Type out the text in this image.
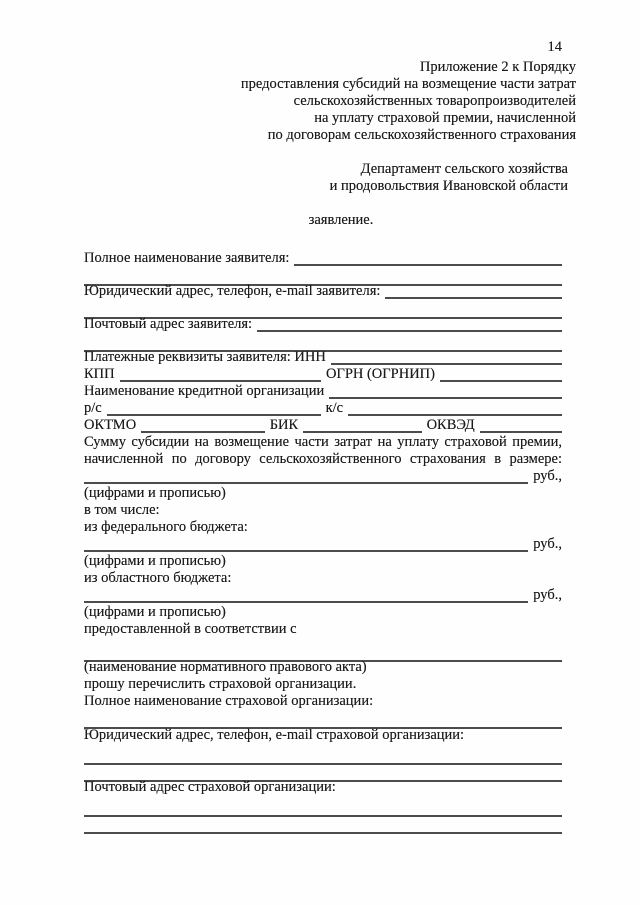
14
Приложение 2 к Порядку
предоставления субсидий на возмещение части затрат
сельскохозяйственных товаропроизводителей
на уплату страховой премии, начисленной
по договорам сельскохозяйственного страхования
Департамент сельского хозяйства
и продовольствия Ивановской области
заявление.
Полное наименование заявителя:
Юридический адрес, телефон, e-mail заявителя:
Почтовый адрес заявителя:
Платежные реквизиты заявителя: ИНН
КПП	ОГРН (ОГРНИП)
Наименование кредитной организации
р/с	к/с
ОКТМО	БИК	ОКВЭД
Сумму субсидии на возмещение части затрат на уплату страховой премии,
начисленной по договору сельскохозяйственного страхования в размере:
руб.,
(цифрами и прописью)
в том числе:
из федерального бюджета:
руб.,
(цифрами и прописью)
из областного бюджета:
руб.,
(цифрами и прописью)
предоставленной в соответствии с
(наименование нормативного правового акта)
прошу перечислить страховой организации.
Полное наименование страховой организации:
Юридический адрес, телефон, e-mail страховой организации:
Почтовый адрес страховой организации:
